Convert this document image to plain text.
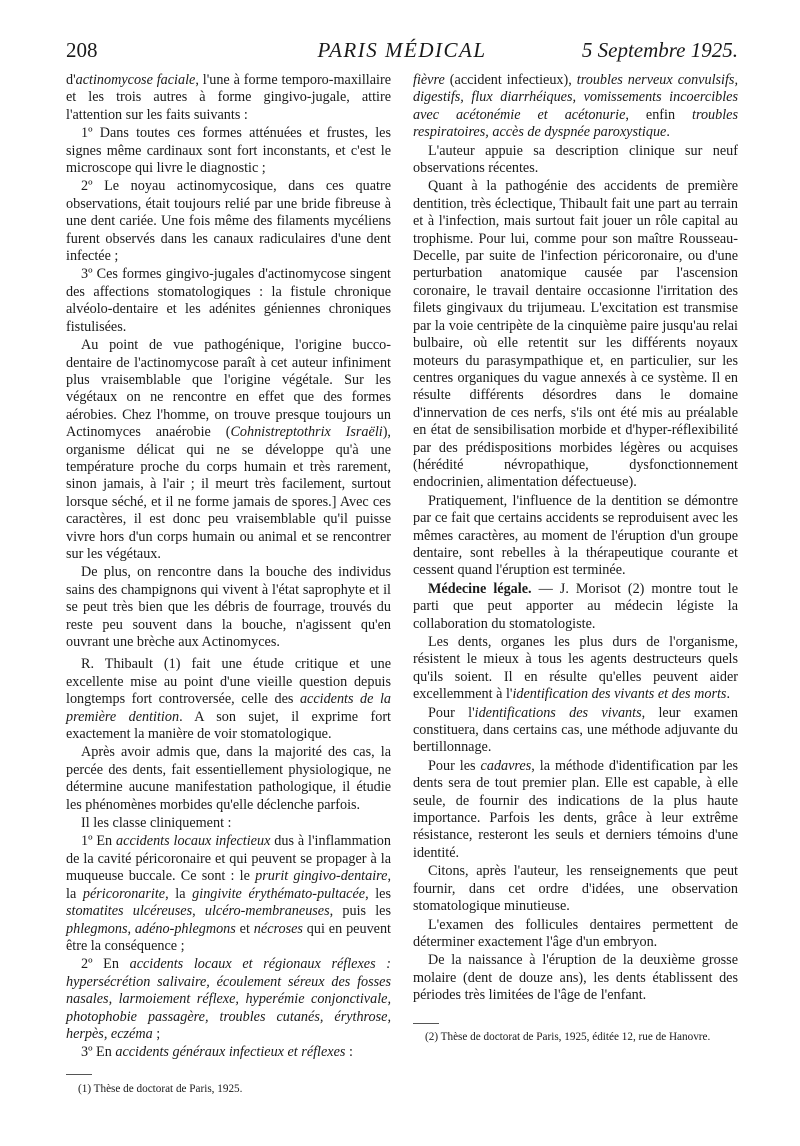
208	PARIS MÉDICAL	5 Septembre 1925.

d'actinomycose faciale, l'une à forme temporo-maxillaire et les trois autres à forme gingivo-jugale, attire l'attention sur les faits suivants :

1º Dans toutes ces formes atténuées et frustes, les signes même cardinaux sont fort inconstants, et c'est le microscope qui livre le diagnostic ;

2º Le noyau actinomycosique, dans ces quatre observations, était toujours relié par une bride fibreuse à une dent cariée. Une fois même des filaments mycéliens furent observés dans les canaux radiculaires d'une dent infectée ;

3º Ces formes gingivo-jugales d'actinomycose singent des affections stomatologiques : la fistule chronique alvéolo-dentaire et les adénites géniennes chroniques fistulisées.

Au point de vue pathogénique, l'origine bucco-dentaire de l'actinomycose paraît à cet auteur infiniment plus vraisemblable que l'origine végétale. Sur les végétaux on ne rencontre en effet que des formes aérobies. Chez l'homme, on trouve presque toujours un Actinomyces anaérobie (Cohnistreptothrix Israëli), organisme délicat qui ne se développe qu'à une température proche du corps humain et très rarement, sinon jamais, à l'air ; il meurt très facilement, surtout lorsque séché, et il ne forme jamais de spores.] Avec ces caractères, il est donc peu vraisemblable qu'il puisse vivre hors d'un corps humain ou animal et se rencontrer sur les végétaux.

De plus, on rencontre dans la bouche des individus sains des champignons qui vivent à l'état saprophyte et il se peut très bien que les débris de fourrage, trouvés du reste peu souvent dans la bouche, n'agissent qu'en ouvrant une brèche aux Actinomyces.

R. Thibault (1) fait une étude critique et une excellente mise au point d'une vieille question depuis longtemps fort controversée, celle des accidents de la première dentition. A son sujet, il exprime fort exactement la manière de voir stomatologique.

Après avoir admis que, dans la majorité des cas, la percée des dents, fait essentiellement physiologique, ne détermine aucune manifestation pathologique, il étudie les phénomènes morbides qu'elle déclenche parfois.

Il les classe cliniquement :

1º En accidents locaux infectieux dus à l'inflammation de la cavité péricoronaire et qui peuvent se propager à la muqueuse buccale. Ce sont : le prurit gingivo-dentaire, la péricoronarite, la gingivite érythémato-pultacée, les stomatites ulcéreuses, ulcéro-membraneuses, puis les phlegmons, adéno-phlegmons et nécroses qui en peuvent être la conséquence ;

2º En accidents locaux et régionaux réflexes : hypersécrétion salivaire, écoulement séreux des fosses nasales, larmoiement réflexe, hyperémie conjonctivale, photophobie passagère, troubles cutanés, érythrose, herpès, eczéma ;

3º En accidents généraux infectieux et réflexes :

(1) Thèse de doctorat de Paris, 1925.

fièvre (accident infectieux), troubles nerveux convulsifs, digestifs, flux diarrhéiques, vomissements incoercibles avec acétonémie et acétonurie, enfin troubles respiratoires, accès de dyspnée paroxystique.

L'auteur appuie sa description clinique sur neuf observations récentes.

Quant à la pathogénie des accidents de première dentition, très éclectique, Thibault fait une part au terrain et à l'infection, mais surtout fait jouer un rôle capital au trophisme. Pour lui, comme pour son maître Rousseau-Decelle, par suite de l'infection péricoronaire, ou d'une perturbation anatomique causée par l'ascension coronaire, le travail dentaire occasionne l'irritation des filets gingivaux du trijumeau. L'excitation est transmise par la voie centripète de la cinquième paire jusqu'au relai bulbaire, où elle retentit sur les différents noyaux moteurs du parasympathique et, en particulier, sur les centres organiques du vague annexés à ce système. Il en résulte différents désordres dans le domaine d'innervation de ces nerfs, s'ils ont été mis au préalable en état de sensibilisation morbide et d'hyper-réflexibilité par des prédispositions morbides légères ou acquises (hérédité névropathique, dysfonctionnement endocrinien, alimentation défectueuse).

Pratiquement, l'influence de la dentition se démontre par ce fait que certains accidents se reproduisent avec les mêmes caractères, au moment de l'éruption d'un groupe dentaire, sont rebelles à la thérapeutique courante et cessent quand l'éruption est terminée.

Médecine légale. — J. Morisot (2) montre tout le parti que peut apporter au médecin légiste la collaboration du stomatologiste.

Les dents, organes les plus durs de l'organisme, résistent le mieux à tous les agents destructeurs quels qu'ils soient. Il en résulte qu'elles peuvent aider excellemment à l'identification des vivants et des morts.

Pour l'identifications des vivants, leur examen constituera, dans certains cas, une méthode adjuvante du bertillonnage.

Pour les cadavres, la méthode d'identification par les dents sera de tout premier plan. Elle est capable, à elle seule, de fournir des indications de la plus haute importance. Parfois les dents, grâce à leur extrême résistance, resteront les seuls et derniers témoins d'une identité.

Citons, après l'auteur, les renseignements que peut fournir, dans cet ordre d'idées, une observation stomatologique minutieuse.

L'examen des follicules dentaires permettent de déterminer exactement l'âge d'un embryon.

De la naissance à l'éruption de la deuxième grosse molaire (dent de douze ans), les dents établissent des périodes très limitées de l'âge de l'enfant.

(2) Thèse de doctorat de Paris, 1925, éditée 12, rue de Hanovre.
